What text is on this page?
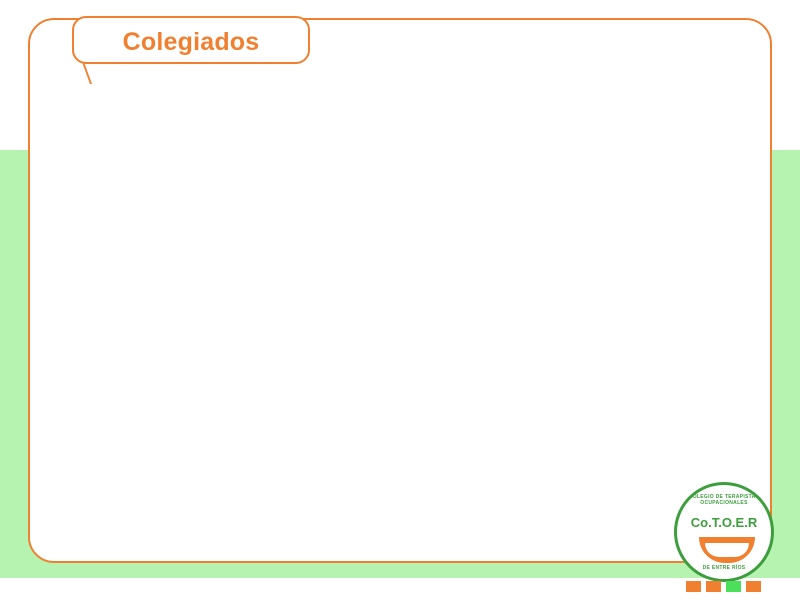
Colegiados
COLEGIO DE TERAPISTAS OCUPACIONALES
Co.T.O.E.R
DE ENTRE RÍOS
